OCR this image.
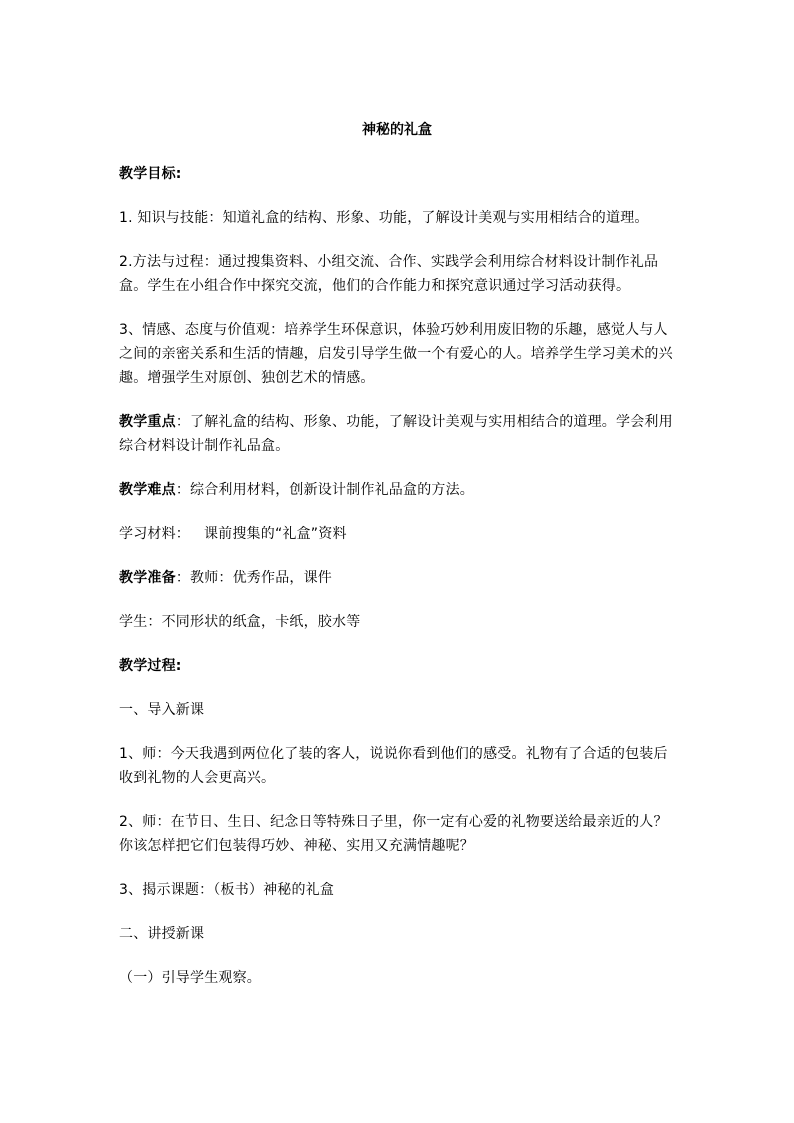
神秘的礼盒
教学目标:
1. 知识与技能：知道礼盒的结构、形象、功能，了解设计美观与实用相结合的道理。
2.方法与过程：通过搜集资料、小组交流、合作、实践学会利用综合材料设计制作礼品盒。学生在小组合作中探究交流，他们的合作能力和探究意识通过学习活动获得。
3、情感、态度与价值观：培养学生环保意识，体验巧妙利用废旧物的乐趣，感觉人与人之间的亲密关系和生活的情趣，启发引导学生做一个有爱心的人。培养学生学习美术的兴趣。增强学生对原创、独创艺术的情感。
教学重点：了解礼盒的结构、形象、功能，了解设计美观与实用相结合的道理。学会利用综合材料设计制作礼品盒。
教学难点：综合利用材料，创新设计制作礼品盒的方法。
学习材料：   课前搜集的“礼盒”资料
教学准备：教师：优秀作品，课件
学生：不同形状的纸盒，卡纸，胶水等
教学过程:
一、导入新课
1、师：今天我遇到两位化了装的客人，说说你看到他们的感受。礼物有了合适的包装后收到礼物的人会更高兴。
2、师：在节日、生日、纪念日等特殊日子里，你一定有心爱的礼物要送给最亲近的人？你该怎样把它们包装得巧妙、神秘、实用又充满情趣呢？
3、揭示课题：（板书）神秘的礼盒
二、讲授新课
（一）引导学生观察。
